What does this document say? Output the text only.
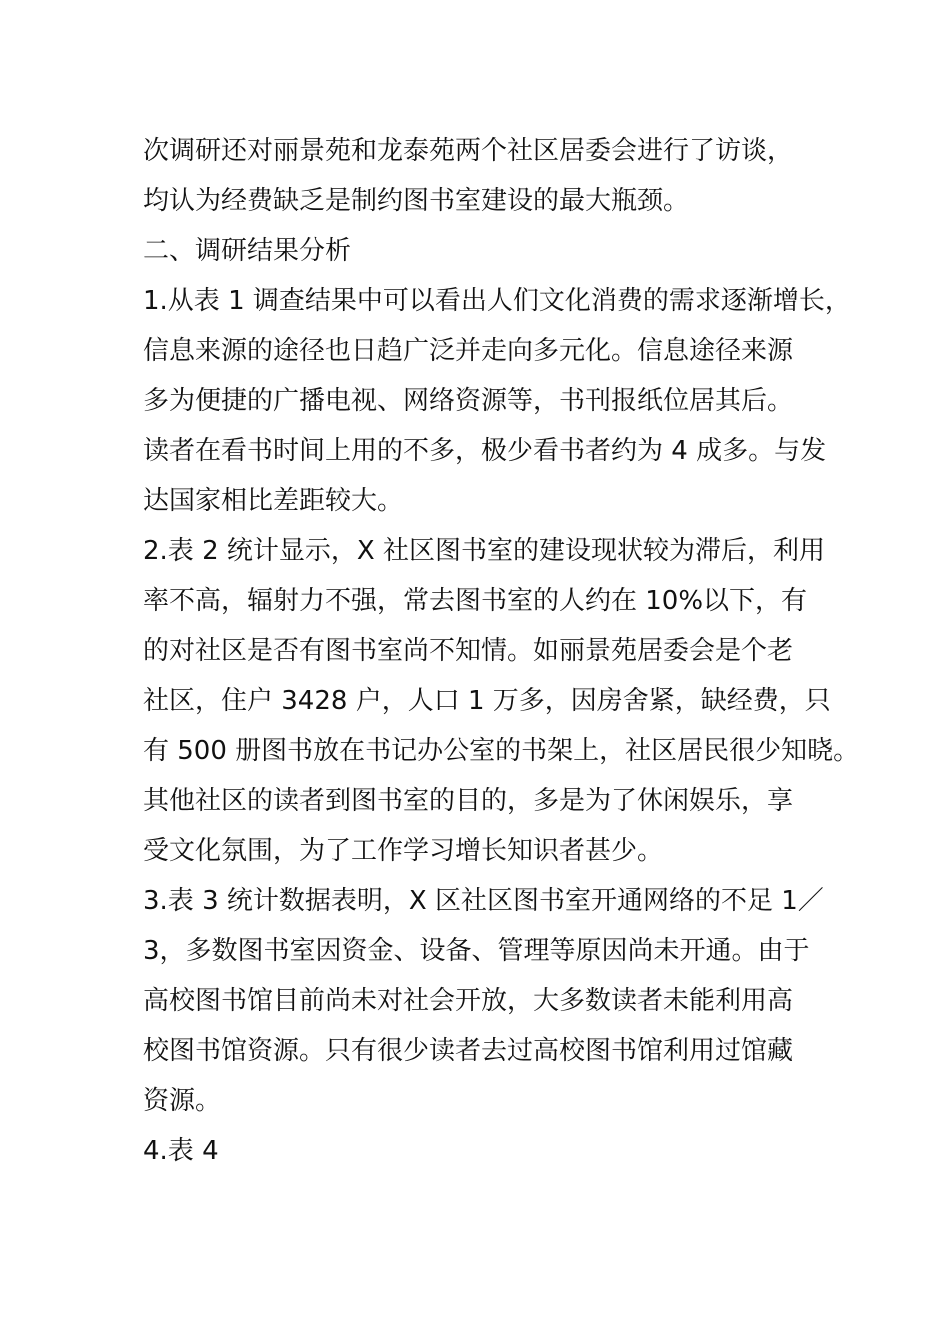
次调研还对丽景苑和龙泰苑两个社区居委会进行了访谈，
均认为经费缺乏是制约图书室建设的最大瓶颈。
二、调研结果分析
1.从表 1 调查结果中可以看出人们文化消费的需求逐渐增长，
信息来源的途径也日趋广泛并走向多元化。信息途径来源
多为便捷的广播电视、网络资源等，书刊报纸位居其后。
读者在看书时间上用的不多，极少看书者约为 4 成多。与发
达国家相比差距较大。
2.表 2 统计显示，X 社区图书室的建设现状较为滞后，利用
率不高，辐射力不强，常去图书室的人约在 10%以下，有
的对社区是否有图书室尚不知情。如丽景苑居委会是个老
社区，住户 3428 户，人口 1 万多，因房舍紧，缺经费，只
有 500 册图书放在书记办公室的书架上，社区居民很少知晓。
其他社区的读者到图书室的目的，多是为了休闲娱乐，享
受文化氛围，为了工作学习增长知识者甚少。
3.表 3 统计数据表明，X 区社区图书室开通网络的不足 1／
3，多数图书室因资金、设备、管理等原因尚未开通。由于
高校图书馆目前尚未对社会开放，大多数读者未能利用高
校图书馆资源。只有很少读者去过高校图书馆利用过馆藏
资源。
4.表 4
